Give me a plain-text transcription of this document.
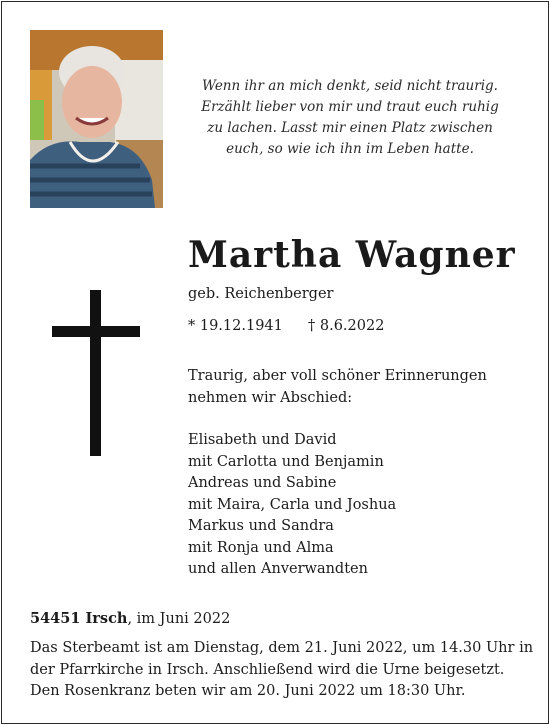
Wenn ihr an mich denkt, seid nicht traurig.
Erzählt lieber von mir und traut euch ruhig
zu lachen. Lasst mir einen Platz zwischen
euch, so wie ich ihn im Leben hatte.
Martha Wagner
geb. Reichenberger
* 19.12.1941 † 8.6.2022
Traurig, aber voll schöner Erinnerungen
nehmen wir Abschied:
Elisabeth und David
mit Carlotta und Benjamin
Andreas und Sabine
mit Maira, Carla und Joshua
Markus und Sandra
mit Ronja und Alma
und allen Anverwandten
54451 Irsch, im Juni 2022
Das Sterbeamt ist am Dienstag, dem 21. Juni 2022, um 14.30 Uhr in
der Pfarrkirche in Irsch. Anschließend wird die Urne beigesetzt.
Den Rosenkranz beten wir am 20. Juni 2022 um 18:30 Uhr.
